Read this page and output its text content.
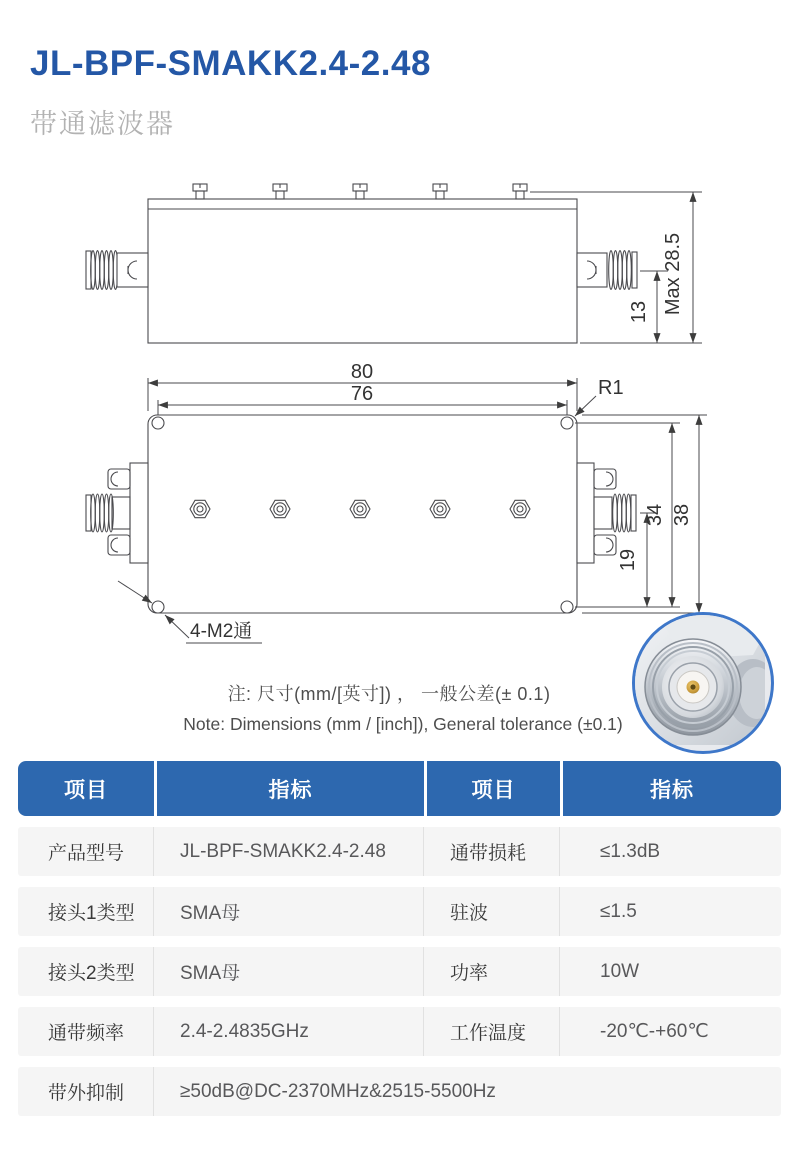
JL-BPF-SMAKK2.4-2.48
带通滤波器
Max 28.5
13
80
76	R1
34 38
19
4-M2通
注: 尺寸(mm/[英寸]) ， 一般公差(± 0.1)
Note: Dimensions (mm / [inch]), General tolerance (±0.1)
项目	指标	项目	指标
产品型号	JL-BPF-SMAKK2.4-2.48	通带损耗	≤1.3dB
接头1类型	SMA母	驻波	≤1.5
接头2类型	SMA母	功率	10W
通带频率	2.4-2.4835GHz	工作温度	-20℃-+60℃
带外抑制	≥50dB@DC-2370MHz&2515-5500Hz
